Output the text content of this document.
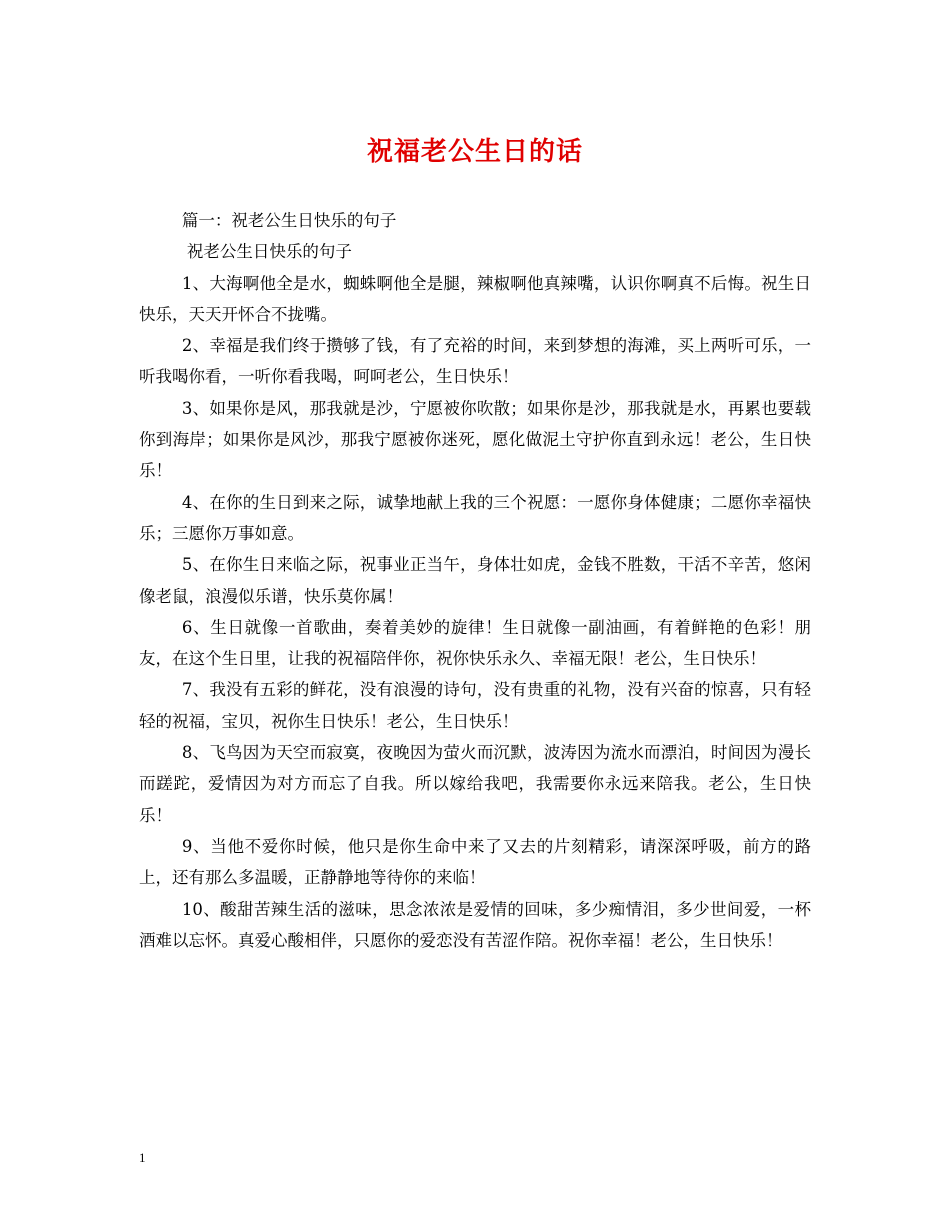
祝福老公生日的话

篇一：祝老公生日快乐的句子

祝老公生日快乐的句子

1、大海啊他全是水，蜘蛛啊他全是腿，辣椒啊他真辣嘴，认识你啊真不后悔。祝生日快乐，天天开怀合不拢嘴。

2、幸福是我们终于攒够了钱，有了充裕的时间，来到梦想的海滩，买上两听可乐，一听我喝你看，一听你看我喝，呵呵老公，生日快乐！

3、如果你是风，那我就是沙，宁愿被你吹散；如果你是沙，那我就是水，再累也要载你到海岸；如果你是风沙，那我宁愿被你迷死，愿化做泥土守护你直到永远！老公，生日快乐！

4、在你的生日到来之际，诚挚地献上我的三个祝愿：一愿你身体健康；二愿你幸福快乐；三愿你万事如意。

5、在你生日来临之际，祝事业正当午，身体壮如虎，金钱不胜数，干活不辛苦，悠闲像老鼠，浪漫似乐谱，快乐莫你属！

6、生日就像一首歌曲，奏着美妙的旋律！生日就像一副油画，有着鲜艳的色彩！朋友，在这个生日里，让我的祝福陪伴你，祝你快乐永久、幸福无限！老公，生日快乐！

7、我没有五彩的鲜花，没有浪漫的诗句，没有贵重的礼物，没有兴奋的惊喜，只有轻轻的祝福，宝贝，祝你生日快乐！老公，生日快乐！

8、飞鸟因为天空而寂寞，夜晚因为萤火而沉默，波涛因为流水而漂泊，时间因为漫长而蹉跎，爱情因为对方而忘了自我。所以嫁给我吧，我需要你永远来陪我。老公，生日快乐！

9、当他不爱你时候，他只是你生命中来了又去的片刻精彩，请深深呼吸，前方的路上，还有那么多温暖，正静静地等待你的来临！

10、酸甜苦辣生活的滋味，思念浓浓是爱情的回味，多少痴情泪，多少世间爱，一杯酒难以忘怀。真爱心酸相伴，只愿你的爱恋没有苦涩作陪。祝你幸福！老公，生日快乐！

1
